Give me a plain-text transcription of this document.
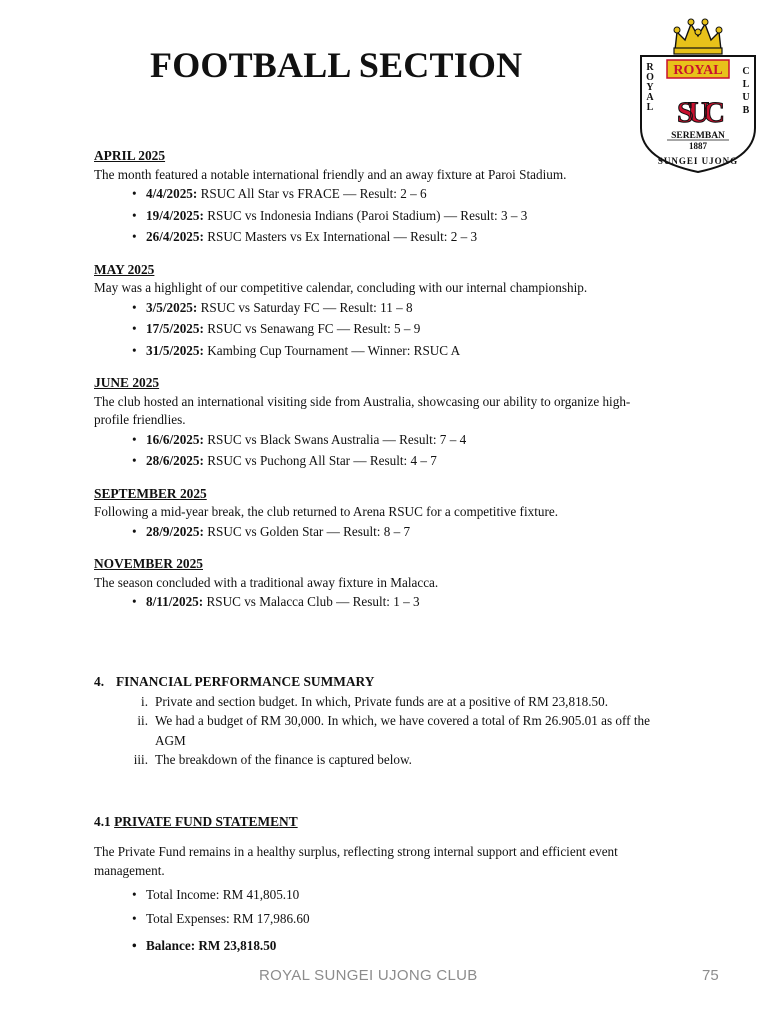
FOOTBALL SECTION	ROYAL
R
O
Y
A
L
C
L
U
B
SUC
SEREMBAN
1887
SUNGEI UJONG
APRIL 2025

The month featured a notable international friendly and an away fixture at Paroi Stadium.

• 4/4/2025: RSUC All Star vs FRACE — Result: 2 – 6
• 19/4/2025: RSUC vs Indonesia Indians (Paroi Stadium) — Result: 3 – 3
• 26/4/2025: RSUC Masters vs Ex International — Result: 2 – 3
MAY 2025

May was a highlight of our competitive calendar, concluding with our internal championship.

• 3/5/2025: RSUC vs Saturday FC — Result: 11 – 8
• 17/5/2025: RSUC vs Senawang FC — Result: 5 – 9
• 31/5/2025: Kambing Cup Tournament — Winner: RSUC A
JUNE 2025

The club hosted an international visiting side from Australia, showcasing our ability to organize high-profile friendlies.

• 16/6/2025: RSUC vs Black Swans Australia — Result: 7 – 4
• 28/6/2025: RSUC vs Puchong All Star — Result: 4 – 7
SEPTEMBER 2025

Following a mid-year break, the club returned to Arena RSUC for a competitive fixture.

• 28/9/2025: RSUC vs Golden Star — Result: 8 – 7
NOVEMBER 2025

The season concluded with a traditional away fixture in Malacca.

• 8/11/2025: RSUC vs Malacca Club — Result: 1 – 3
4. FINANCIAL PERFORMANCE SUMMARY
i. Private and section budget. In which, Private funds are at a positive of RM 23,818.50.
ii. We had a budget of RM 30,000. In which, we have covered a total of Rm 26.905.01 as off the AGM
iii. The breakdown of the finance is captured below.
4.1 PRIVATE FUND STATEMENT

The Private Fund remains in a healthy surplus, reflecting strong internal support and efficient event management.

• Total Income: RM 41,805.10
• Total Expenses: RM 17,986.60
• Balance: RM 23,818.50
ROYAL SUNGEI UJONG CLUB	75
